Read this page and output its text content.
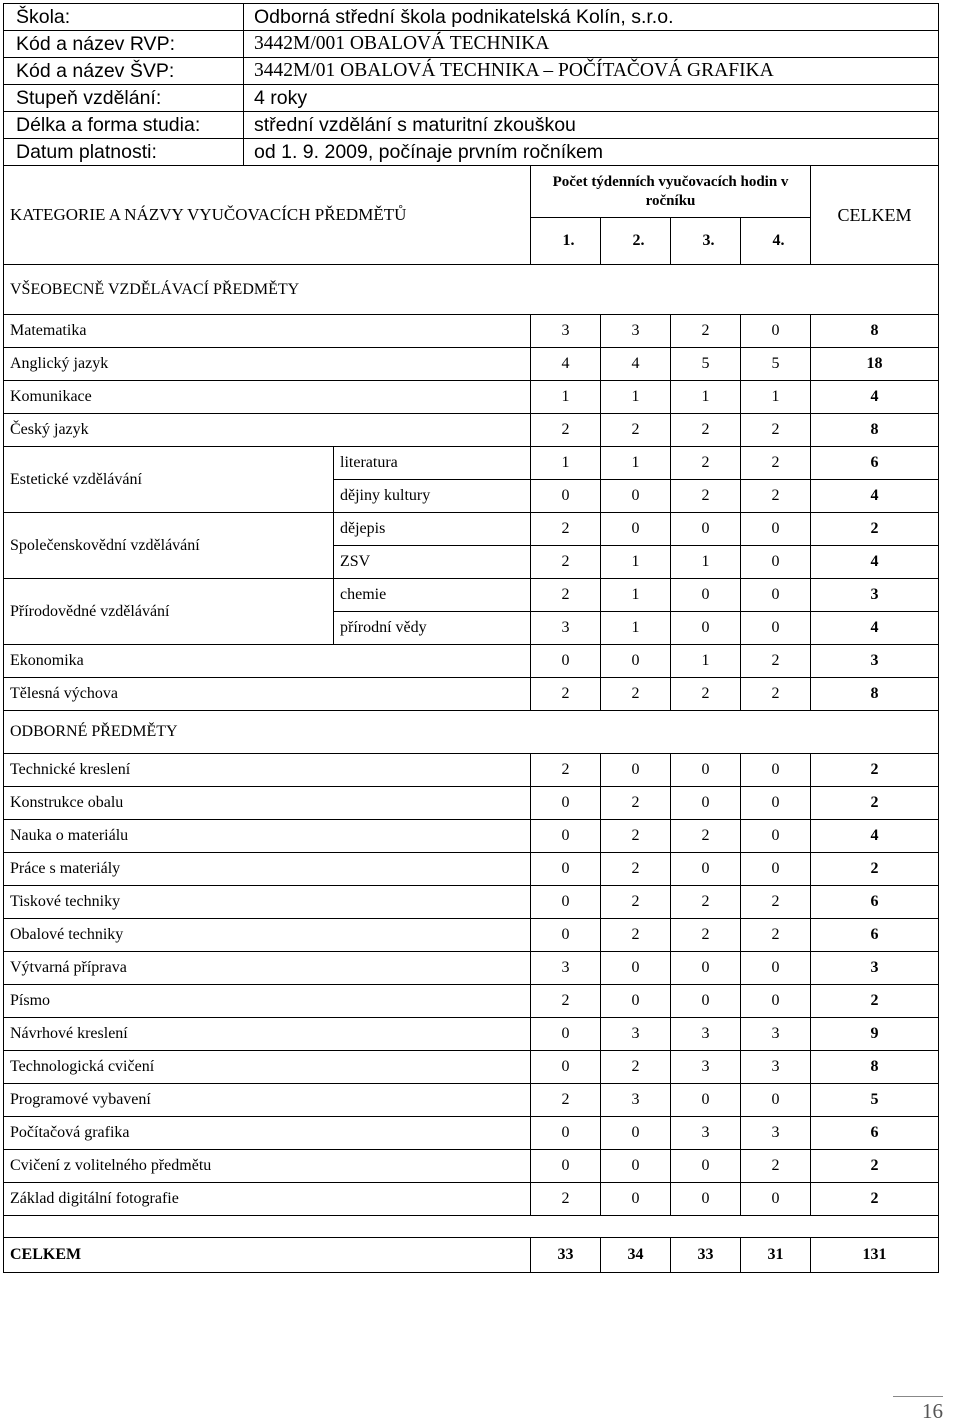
Škola:	Odborná střední škola podnikatelská Kolín, s.r.o.
Kód a název RVP:	3442M/001 OBALOVÁ TECHNIKA
Kód a název ŠVP:	3442M/01 OBALOVÁ TECHNIKA – POČÍTAČOVÁ GRAFIKA
Stupeň vzdělání:	4 roky
Délka a forma studia:	střední vzdělání s maturitní zkouškou
Datum platnosti:	od 1. 9. 2009, počínaje prvním ročníkem
KATEGORIE A NÁZVY VYUČOVACÍCH PŘEDMĚTŮ		Počet týdenních vyučovacích hodin v ročníku				CELKEM
		1.	2.	3.	4.	
VŠEOBECNĚ VZDĚLÁVACÍ PŘEDMĚTY						
Matematika		3	3	2	0	8
Anglický jazyk		4	4	5	5	18
Komunikace		1	1	1	1	4
Český jazyk		2	2	2	2	8
Estetické vzdělávání	literatura	1	1	2	2	6
	dějiny kultury	0	0	2	2	4
Společenskovědní vzdělávání	dějepis	2	0	0	0	2
	ZSV	2	1	1	0	4
Přírodovědné vzdělávání	chemie	2	1	0	0	3
	přírodní vědy	3	1	0	0	4
Ekonomika		0	0	1	2	3
Tělesná výchova		2	2	2	2	8
ODBORNÉ PŘEDMĚTY						
Technické kreslení		2	0	0	0	2
Konstrukce obalu		0	2	0	0	2
Nauka o materiálu		0	2	2	0	4
Práce s materiály		0	2	0	0	2
Tiskové techniky		0	2	2	2	6
Obalové techniky		0	2	2	2	6
Výtvarná příprava		3	0	0	0	3
Písmo		2	0	0	0	2
Návrhové kreslení		0	3	3	3	9
Technologická cvičení		0	2	3	3	8
Programové vybavení		2	3	0	0	5
Počítačová grafika		0	0	3	3	6
Cvičení z volitelného předmětu		0	0	0	2	2
Základ digitální fotografie		2	0	0	0	2

CELKEM		33	34	33	31	131
16
